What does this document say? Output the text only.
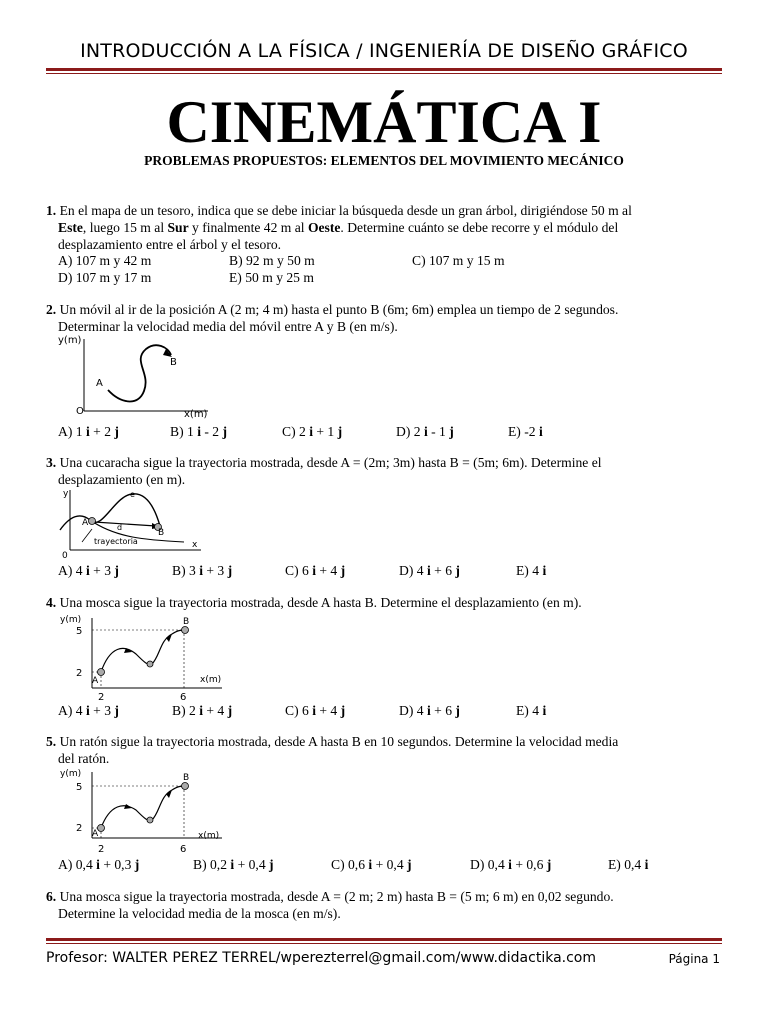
INTRODUCCIÓN A LA FÍSICA / INGENIERÍA DE DISEÑO GRÁFICO
CINEMÁTICA I
PROBLEMAS PROPUESTOS: ELEMENTOS DEL MOVIMIENTO MECÁNICO
1. En el mapa de un tesoro, indica que se debe iniciar la búsqueda desde un gran árbol, dirigiéndose 50 m al
Este, luego 15 m al Sur y finalmente 42 m al Oeste. Determine cuánto se debe recorre y el módulo del
desplazamiento entre el árbol y el tesoro.
A) 107 m y 42 m	B) 92 m y 50 m	C) 107 m y 15 m
D) 107 m y 17 m	E) 50 m y 25 m
2. Un móvil al ir de la posición A (2 m; 4 m) hasta el punto B (6m; 6m) emplea un tiempo de 2 segundos.
Determinar la velocidad media del móvil entre A y B (en m/s).
y(m)
x(m)
O
A
B
A) 1 i + 2 j	B) 1 i - 2 j	C) 2 i + 1 j	D) 2 i - 1 j	E) -2 i
3. Una cucaracha sigue la trayectoria mostrada, desde A = (2m; 3m) hasta B = (5m; 6m). Determine el
desplazamiento (en m).
y
x
0
A
B
e
d
trayectoria
A) 4 i + 3 j	B) 3 i + 3 j	C) 6 i + 4 j	D) 4 i + 6 j	E) 4 i
4. Una mosca sigue la trayectoria mostrada, desde A hasta B. Determine el desplazamiento (en m).
y(m)
x(m)
5
2
2	6
A
B
A) 4 i + 3 j	B) 2 i + 4 j	C) 6 i + 4 j	D) 4 i + 6 j	E) 4 i
5. Un ratón sigue la trayectoria mostrada, desde A hasta B en 10 segundos. Determine la velocidad media
del ratón.
y(m)
x(m)
5
2
2	6
A
B
A) 0,4 i + 0,3 j	B) 0,2 i + 0,4 j	C) 0,6 i + 0,4 j	D) 0,4 i + 0,6 j	E) 0,4 i
6. Una mosca sigue la trayectoria mostrada, desde A = (2 m; 2 m) hasta B = (5 m; 6 m) en 0,02 segundo.
Determine la velocidad media de la mosca (en m/s).
Profesor: WALTER PEREZ TERREL/wperezterrel@gmail.com/www.didactika.com	Página 1
